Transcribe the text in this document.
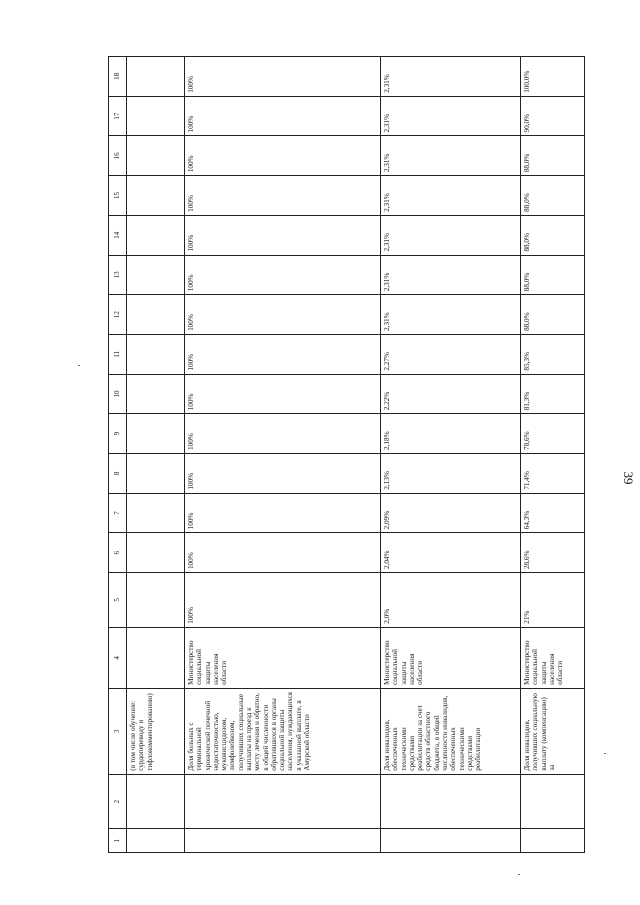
39
1	2	3	4	5	6	7	8	9	10	11	12	13	14	15	16	17	18
		(в том числе обучение: сурдопереводу и тифлокомментированию)															
		Доля больных с терминальной хронической почечной недостаточностью, муковисцидозом, лимфолейкозом, получивших социальные выплаты на проезд к месту лечения и обратно, в общей численности обратившихся в органы социальной защиты населения, нуждающихся в указанной выплате, в Амурской области	Министерство социальной защиты населения области	100%	100%	100%	100%	100%	100%	100%	100%	100%	100%	100%	100%	100%	100%
		Доля инвалидов, обеспеченных техническими средствами реабилитации за счет средств областного бюджета, в общей численности инвалидов, обеспеченных техническими средствами реабилитации	Министерство социальной защиты населения области	2,0%	2,04%	2,09%	2,13%	2,18%	2,22%	2,27%	2,31%	2,31%	2,31%	2,31%	2,31%	2,31%	2,31%
		Доля инвалидов, получивших социальную выплату (компенсацию) за	Министерство социальной защиты населения области	21%	28,6%	64,3%	71,4%	78,6%	81,3%	85,3%	88,0%	88,0%	88,0%	88,0%	88,0%	90,0%	100,0%
